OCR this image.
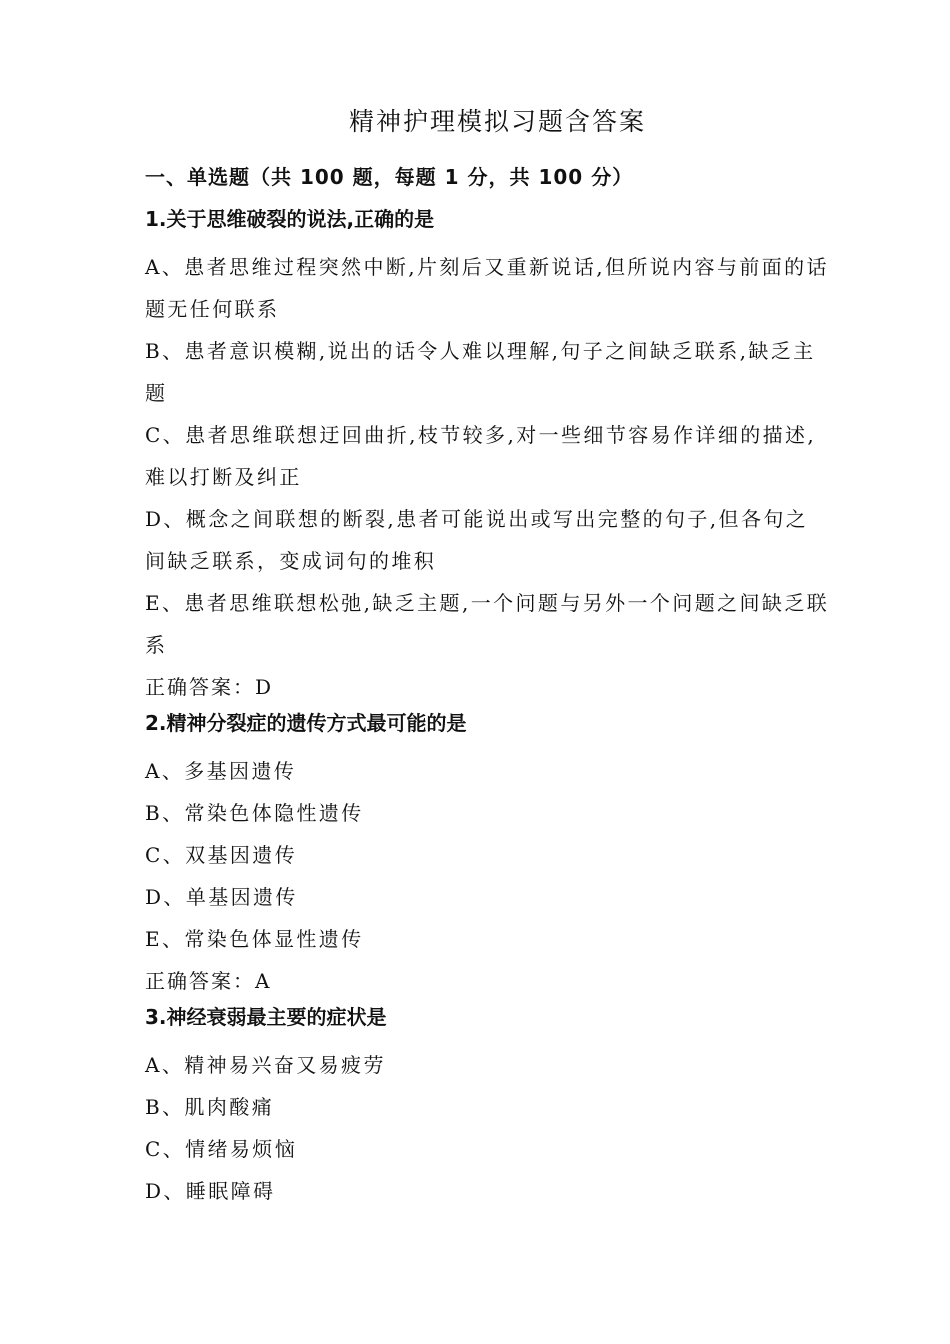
精神护理模拟习题含答案
一、单选题（共 100 题，每题 1 分，共 100 分）
1.关于思维破裂的说法,正确的是

A、患者思维过程突然中断,片刻后又重新说话,但所说内容与前面的话题无任何联系

B、患者意识模糊,说出的话令人难以理解,句子之间缺乏联系,缺乏主题

C、患者思维联想迂回曲折,枝节较多,对一些细节容易作详细的描述,难以打断及纠正

D、概念之间联想的断裂,患者可能说出或写出完整的句子,但各句之间缺乏联系，变成词句的堆积

E、患者思维联想松弛,缺乏主题,一个问题与另外一个问题之间缺乏联系

正确答案：D

2.精神分裂症的遗传方式最可能的是

A、多基因遗传

B、常染色体隐性遗传

C、双基因遗传

D、单基因遗传

E、常染色体显性遗传

正确答案：A

3.神经衰弱最主要的症状是

A、精神易兴奋又易疲劳

B、肌肉酸痛

C、情绪易烦恼

D、睡眠障碍
